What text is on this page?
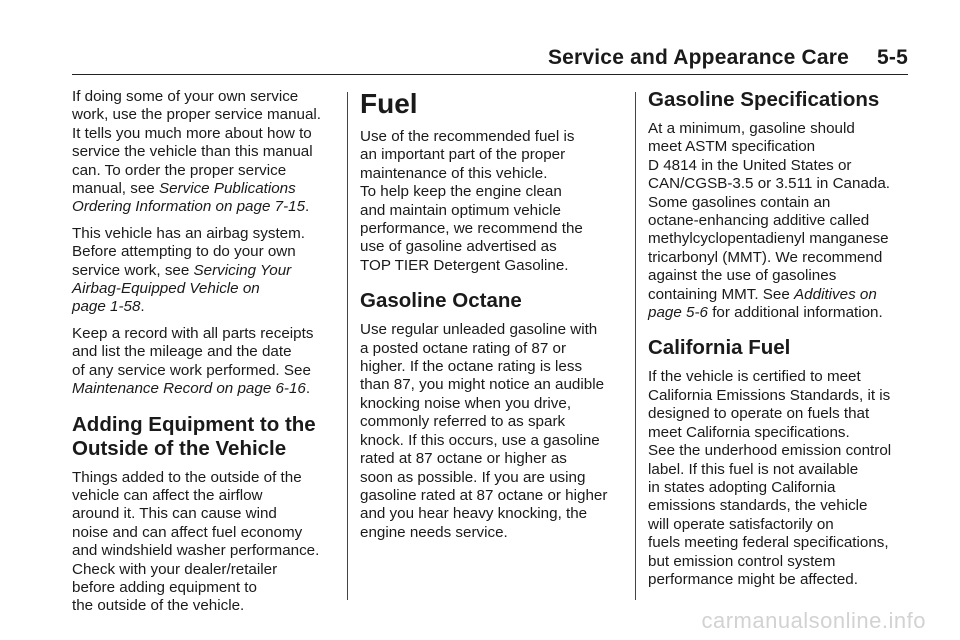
Service and Appearance Care 5-5

If doing some of your own service
work, use the proper service manual.
It tells you much more about how to
service the vehicle than this manual
can. To order the proper service
manual, see Service Publications
Ordering Information on page 7-15.

This vehicle has an airbag system.
Before attempting to do your own
service work, see Servicing Your
Airbag-Equipped Vehicle on
page 1-58.

Keep a record with all parts receipts
and list the mileage and the date
of any service work performed. See
Maintenance Record on page 6-16.

Adding Equipment to the
Outside of the Vehicle

Things added to the outside of the
vehicle can affect the airflow
around it. This can cause wind
noise and can affect fuel economy
and windshield washer performance.
Check with your dealer/retailer
before adding equipment to
the outside of the vehicle.

Fuel

Use of the recommended fuel is
an important part of the proper
maintenance of this vehicle.
To help keep the engine clean
and maintain optimum vehicle
performance, we recommend the
use of gasoline advertised as
TOP TIER Detergent Gasoline.

Gasoline Octane

Use regular unleaded gasoline with
a posted octane rating of 87 or
higher. If the octane rating is less
than 87, you might notice an audible
knocking noise when you drive,
commonly referred to as spark
knock. If this occurs, use a gasoline
rated at 87 octane or higher as
soon as possible. If you are using
gasoline rated at 87 octane or higher
and you hear heavy knocking, the
engine needs service.

Gasoline Specifications

At a minimum, gasoline should
meet ASTM specification
D 4814 in the United States or
CAN/CGSB-3.5 or 3.511 in Canada.
Some gasolines contain an
octane-enhancing additive called
methylcyclopentadienyl manganese
tricarbonyl (MMT). We recommend
against the use of gasolines
containing MMT. See Additives on
page 5-6 for additional information.

California Fuel

If the vehicle is certified to meet
California Emissions Standards, it is
designed to operate on fuels that
meet California specifications.
See the underhood emission control
label. If this fuel is not available
in states adopting California
emissions standards, the vehicle
will operate satisfactorily on
fuels meeting federal specifications,
but emission control system
performance might be affected.

carmanualsonline.info
